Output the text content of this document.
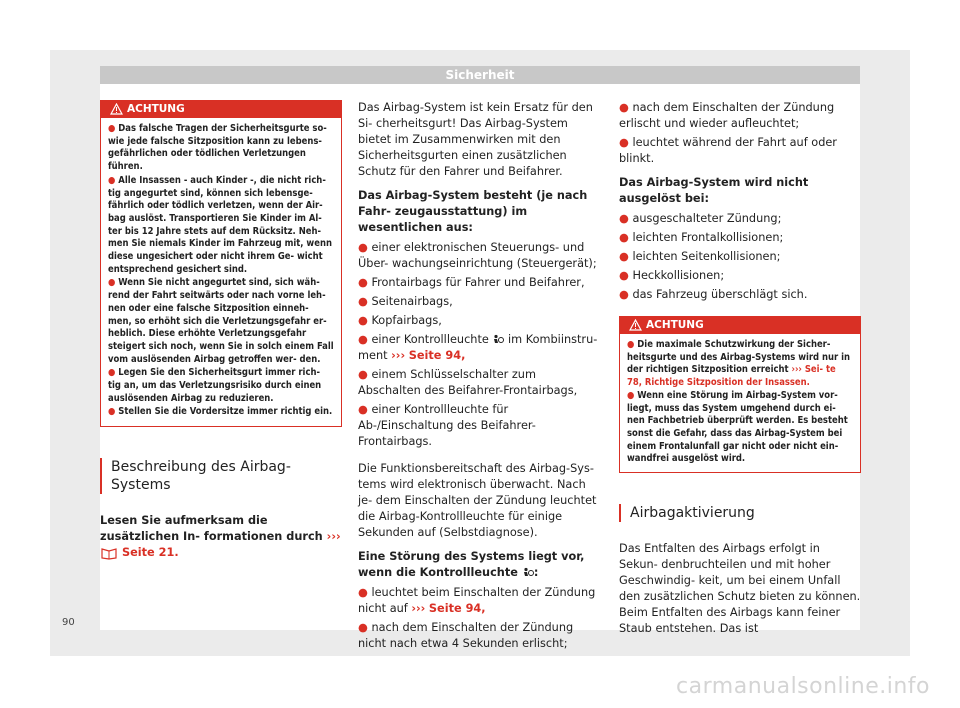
Sicherheit
ACHTUNG

● Das falsche Tragen der Sicherheitsgurte so- wie jede falsche Sitzposition kann zu lebens- gefährlichen oder tödlichen Verletzungen führen.

● Alle Insassen - auch Kinder -, die nicht rich- tig angegurtet sind, können sich lebensge- fährlich oder tödlich verletzen, wenn der Air- bag auslöst. Transportieren Sie Kinder im Al- ter bis 12 Jahre stets auf dem Rücksitz. Neh- men Sie niemals Kinder im Fahrzeug mit, wenn diese ungesichert oder nicht ihrem Ge- wicht entsprechend gesichert sind.

● Wenn Sie nicht angegurtet sind, sich wäh- rend der Fahrt seitwärts oder nach vorne leh- nen oder eine falsche Sitzposition einneh- men, so erhöht sich die Verletzungsgefahr er- heblich. Diese erhöhte Verletzungsgefahr steigert sich noch, wenn Sie in solch einem Fall vom auslösenden Airbag getroffen wer- den.

● Legen Sie den Sicherheitsgurt immer rich- tig an, um das Verletzungsrisiko durch einen auslösenden Airbag zu reduzieren.

● Stellen Sie die Vordersitze immer richtig ein.

Beschreibung des Airbag-Systems
Lesen Sie aufmerksam die zusätzlichen In- formationen durch ›››  Seite 21.

Das Airbag-System ist kein Ersatz für den Si- cherheitsgurt! Das Airbag-System bietet im Zusammenwirken mit den Sicherheitsgurten einen zusätzlichen Schutz für den Fahrer und Beifahrer.

Das Airbag-System besteht (je nach Fahr- zeugausstattung) im wesentlichen aus:

● einer elektronischen Steuerungs- und Über- wachungseinrichtung (Steuergerät);

● Frontairbags für Fahrer und Beifahrer,

● Seitenairbags,

● Kopfairbags,

● einer Kontrollleuchte im Kombiinstru- ment ››› Seite 94,

● einem Schlüsselschalter zum Abschalten des Beifahrer-Frontairbags,

● einer Kontrollleuchte für Ab-/Einschaltung des Beifahrer-Frontairbags.

Die Funktionsbereitschaft des Airbag-Sys- tems wird elektronisch überwacht. Nach je- dem Einschalten der Zündung leuchtet die Airbag-Kontrollleuchte für einige Sekunden auf (Selbstdiagnose).

Eine Störung des Systems liegt vor, wenn die Kontrollleuchte :

● leuchtet beim Einschalten der Zündung nicht auf ››› Seite 94,

● nach dem Einschalten der Zündung nicht nach etwa 4 Sekunden erlischt;

● nach dem Einschalten der Zündung erlischt und wieder aufleuchtet;

● leuchtet während der Fahrt auf oder blinkt.

Das Airbag-System wird nicht ausgelöst bei:

● ausgeschalteter Zündung;

● leichten Frontalkollisionen;

● leichten Seitenkollisionen;

● Heckkollisionen;

● das Fahrzeug überschlägt sich.

ACHTUNG

● Die maximale Schutzwirkung der Sicher- heitsgurte und des Airbag-Systems wird nur in der richtigen Sitzposition erreicht ››› Sei- te 78, Richtige Sitzposition der Insassen.

● Wenn eine Störung im Airbag-System vor- liegt, muss das System umgehend durch ei- nen Fachbetrieb überprüft werden. Es besteht sonst die Gefahr, dass das Airbag-System bei einem Frontalunfall gar nicht oder nicht ein- wandfrei ausgelöst wird.

Airbagaktivierung

Das Entfalten des Airbags erfolgt in Sekun- denbruchteilen und mit hoher Geschwindig- keit, um bei einem Unfall den zusätzlichen Schutz bieten zu können. Beim Entfalten des Airbags kann feiner Staub entstehen. Das ist

90
carmanualsonline.info
